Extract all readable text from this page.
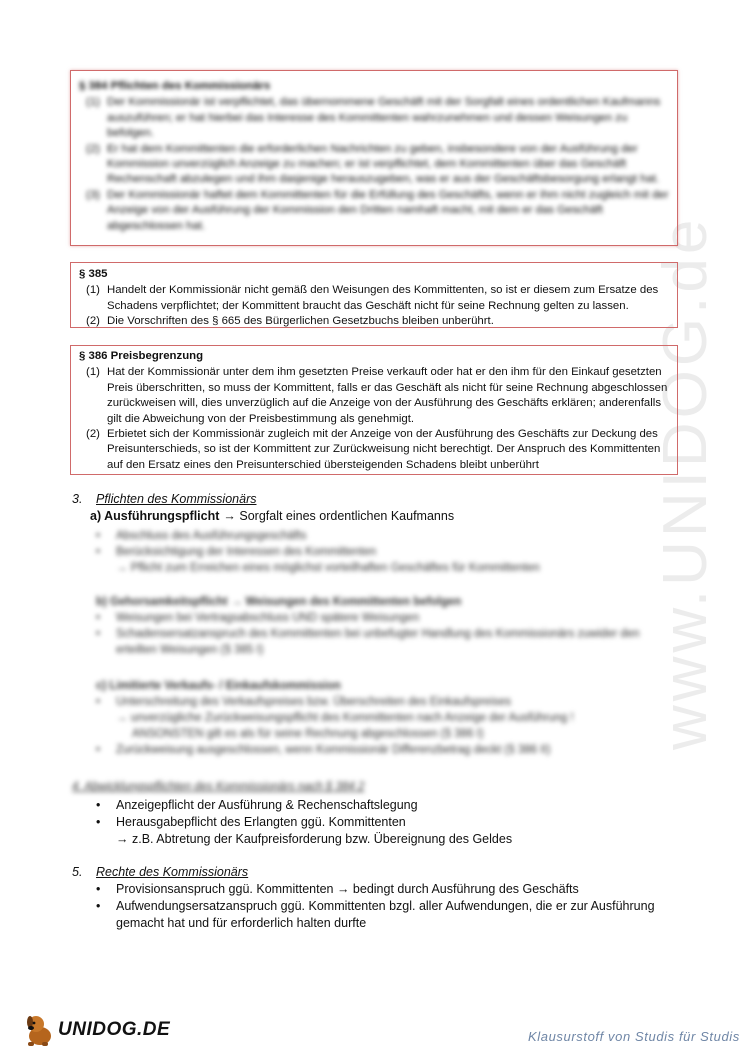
www.UNIDOG.de
§ 384 Pflichten des Kommissionärs
(1) Der Kommissionär ist verpflichtet, das übernommene Geschäft mit der Sorgfalt eines ordentlichen Kaufmanns auszuführen; er hat hierbei das Interesse des Kommittenten wahrzunehmen und dessen Weisungen zu befolgen.
(2) Er hat dem Kommittenten die erforderlichen Nachrichten zu geben, insbesondere von der Ausführung der Kommission unverzüglich Anzeige zu machen; er ist verpflichtet, dem Kommittenten über das Geschäft Rechenschaft abzulegen und ihm dasjenige herauszugeben, was er aus der Geschäftsbesorgung erlangt hat.
(3) Der Kommissionär haftet dem Kommittenten für die Erfüllung des Geschäfts, wenn er ihm nicht zugleich mit der Anzeige von der Ausführung der Kommission den Dritten namhaft macht, mit dem er das Geschäft abgeschlossen hat.
§ 385
(1) Handelt der Kommissionär nicht gemäß den Weisungen des Kommittenten, so ist er diesem zum Ersatze des Schadens verpflichtet; der Kommittent braucht das Geschäft nicht für seine Rechnung gelten zu lassen.
(2) Die Vorschriften des § 665 des Bürgerlichen Gesetzbuchs bleiben unberührt.
§ 386 Preisbegrenzung
(1) Hat der Kommissionär unter dem ihm gesetzten Preise verkauft oder hat er den ihm für den Einkauf gesetzten Preis überschritten, so muss der Kommittent, falls er das Geschäft als nicht für seine Rechnung abgeschlossen zurückweisen will, dies unverzüglich auf die Anzeige von der Ausführung des Geschäfts erklären; anderenfalls gilt die Abweichung von der Preisbestimmung als genehmigt.
(2) Erbietet sich der Kommissionär zugleich mit der Anzeige von der Ausführung des Geschäfts zur Deckung des Preisunterschieds, so ist der Kommittent zur Zurückweisung nicht berechtigt. Der Anspruch des Kommittenten auf den Ersatz eines den Preisunterschied übersteigenden Schadens bleibt unberührt
3.	Pflichten des Kommissionärs
a) Ausführungspflicht → Sorgfalt eines ordentlichen Kaufmanns
• Abschluss des Ausführungsgeschäfts
• Berücksichtigung der Interessen des Kommittenten
→ Pflicht zum Erreichen eines möglichst vorteilhaften Geschäftes für Kommittenten
b) Gehorsamkeitspflicht → Weisungen des Kommittenten befolgen
• Weisungen bei Vertragsabschluss UND spätere Weisungen
• Schadensersatzanspruch des Kommittenten bei unbefugter Handlung des Kommissionärs zuwider den erteilten Weisungen (§ 385 I)
c) Limitierte Verkaufs- / Einkaufskommission
• Unterschreitung des Verkaufspreises bzw. Überschreiten des Einkaufspreises
→ unverzügliche Zurückweisungspflicht des Kommittenten nach Anzeige der Ausführung !
ANSONSTEN gilt es als für seine Rechnung abgeschlossen (§ 386 I)
• Zurückweisung ausgeschlossen, wenn Kommissionär Differenzbetrag deckt (§ 386 II)
4. Abwicklungspflichten des Kommissionärs nach § 384 2
• Anzeigepflicht der Ausführung & Rechenschaftslegung
• Herausgabepflicht des Erlangten ggü. Kommittenten
→ z.B. Abtretung der Kaufpreisforderung bzw. Übereignung des Geldes
5.	Rechte des Kommissionärs
• Provisionsanspruch ggü. Kommittenten → bedingt durch Ausführung des Geschäfts
• Aufwendungsersatzanspruch ggü. Kommittenten bzgl. aller Aufwendungen, die er zur Ausführung gemacht hat und für erforderlich halten durfte
UNIDOG.DE	Klausurstoff von Studis für Studis
